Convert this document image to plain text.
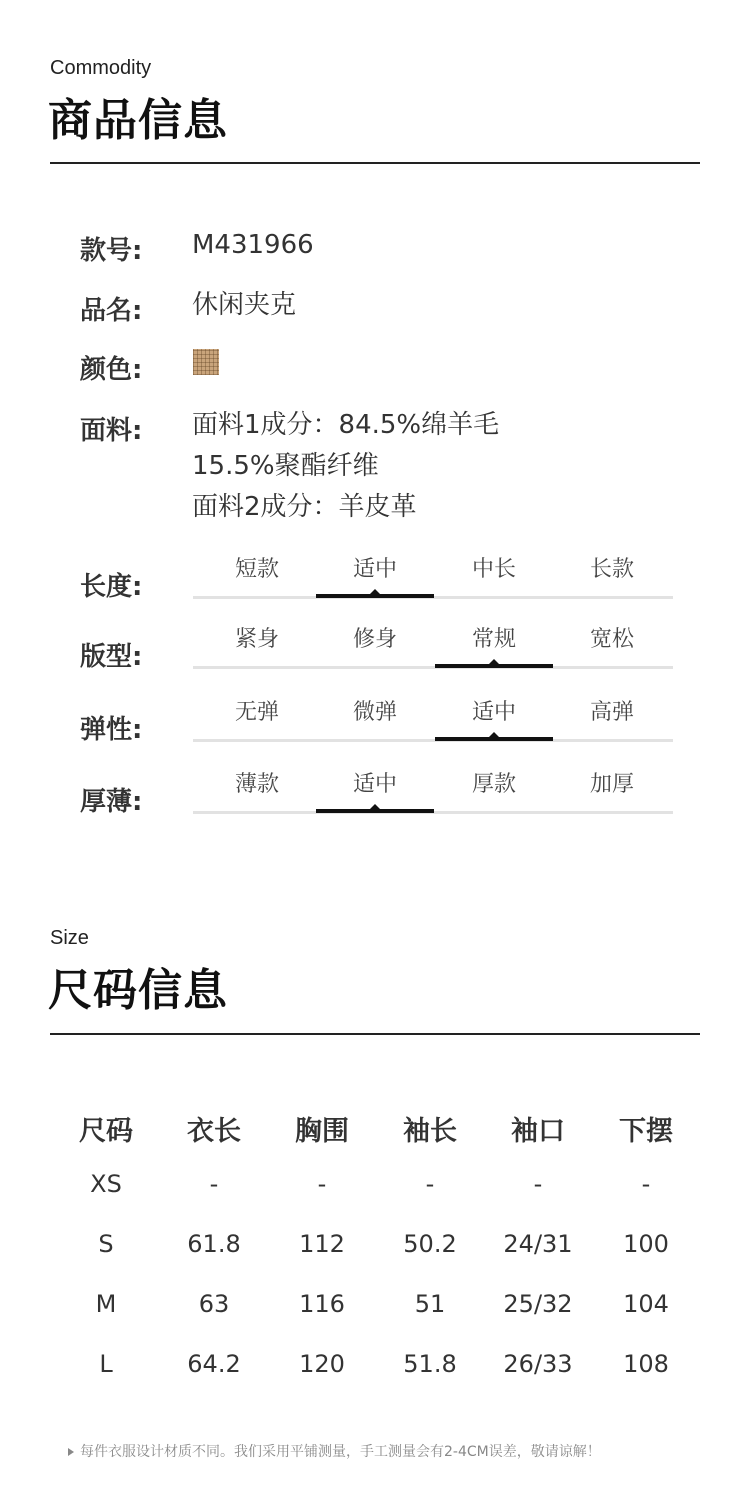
Commodity
商品信息
款号: M431966
品名: 休闲夹克
颜色:
面料: 面料1成分：84.5%绵羊毛
15.5%聚酯纤维
面料2成分：羊皮革
长度:
短款	适中	中长	长款
版型:
紧身	修身	常规	宽松
弹性:
无弹	微弹	适中	高弹
厚薄:
薄款	适中	厚款	加厚
Size
尺码信息
尺码	衣长	胸围	袖长	袖口	下摆
XS	-	-	-	-	-
S	61.8	112	50.2	24/31	100
M	63	116	51	25/32	104
L	64.2	120	51.8	26/33	108
每件衣服设计材质不同。我们采用平铺测量，手工测量会有2-4CM误差，敬请谅解！
